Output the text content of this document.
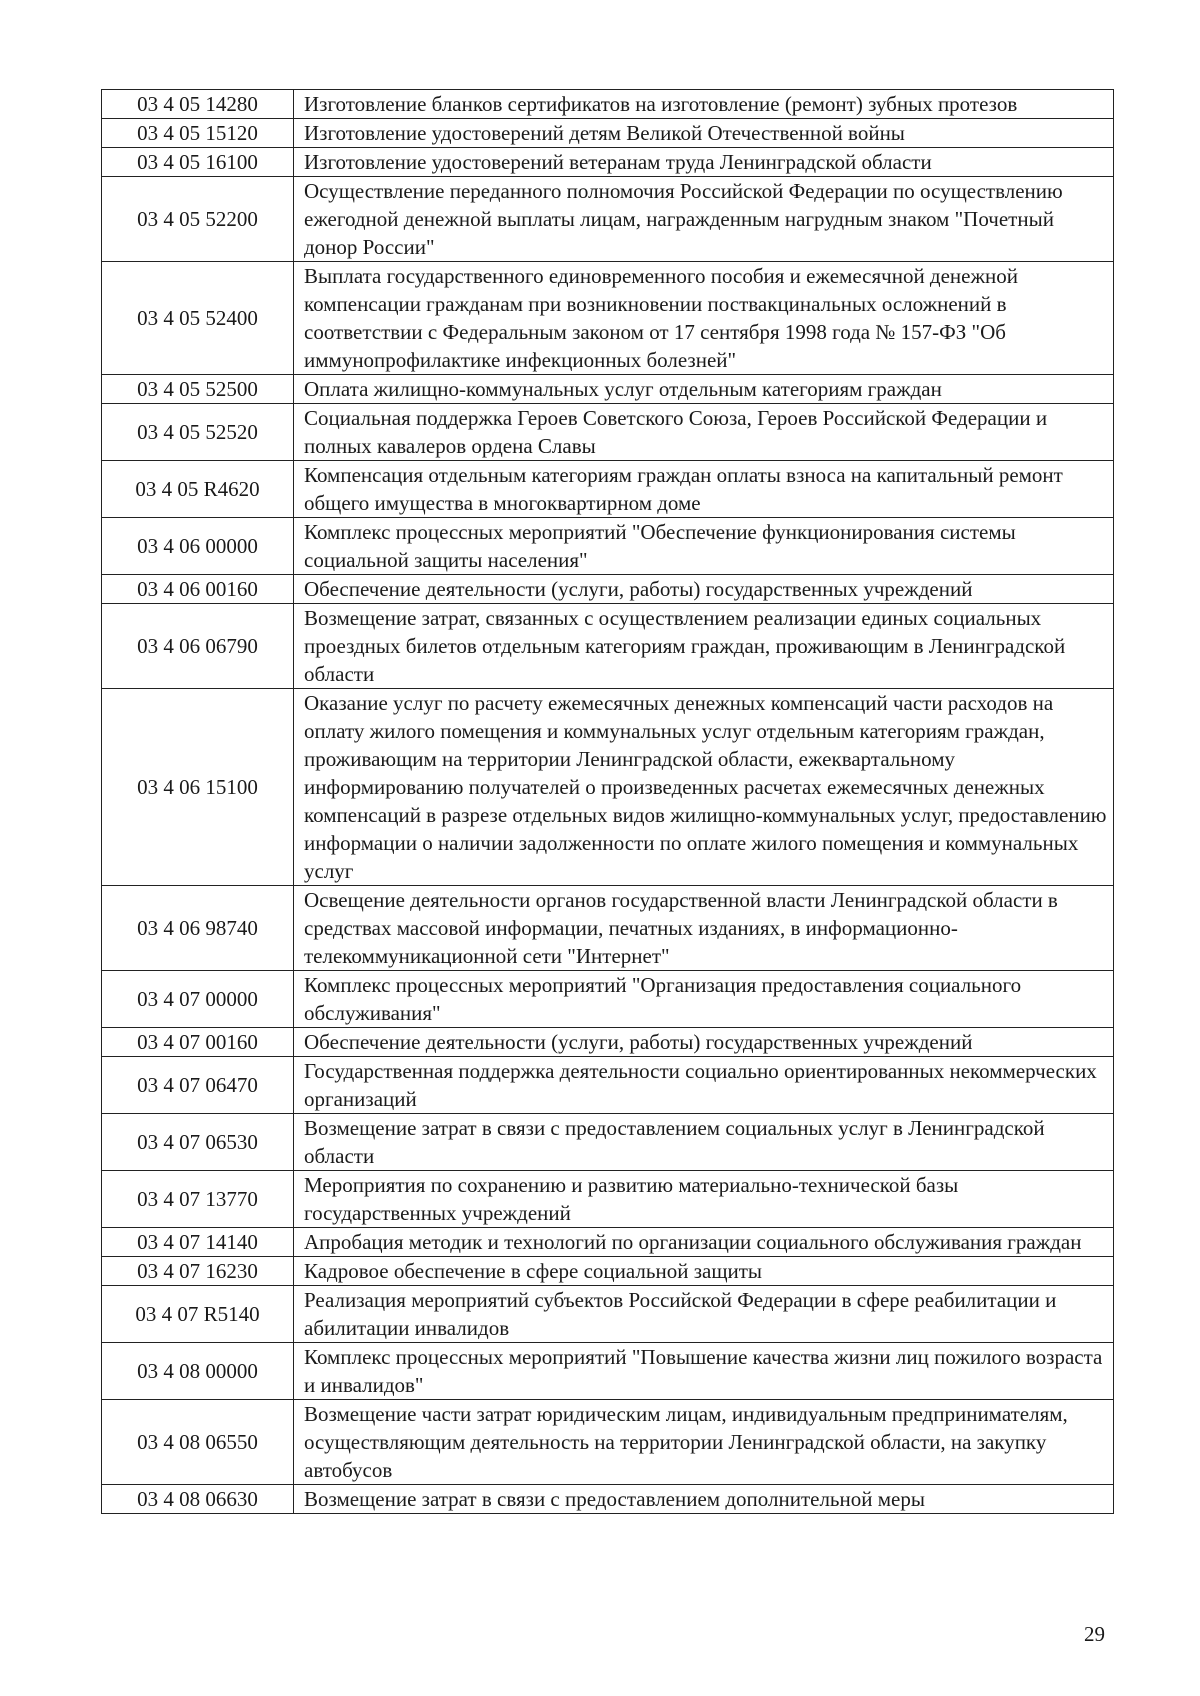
03 4 05 14280	Изготовление бланков сертификатов на изготовление (ремонт) зубных протезов
03 4 05 15120	Изготовление удостоверений детям Великой Отечественной войны
03 4 05 16100	Изготовление удостоверений ветеранам труда Ленинградской области
03 4 05 52200	Осуществление переданного полномочия Российской Федерации по осуществлению ежегодной денежной выплаты лицам, награжденным нагрудным знаком "Почетный донор России"
03 4 05 52400	Выплата государственного единовременного пособия и ежемесячной денежной компенсации гражданам при возникновении поствакцинальных осложнений в соответствии с Федеральным законом от 17 сентября 1998 года № 157-ФЗ "Об иммунопрофилактике инфекционных болезней"
03 4 05 52500	Оплата жилищно-коммунальных услуг отдельным категориям граждан
03 4 05 52520	Социальная поддержка Героев Советского Союза, Героев Российской Федерации и полных кавалеров ордена Славы
03 4 05 R4620	Компенсация отдельным категориям граждан оплаты взноса на капитальный ремонт общего имущества в многоквартирном доме
03 4 06 00000	Комплекс процессных мероприятий "Обеспечение функционирования системы социальной защиты населения"
03 4 06 00160	Обеспечение деятельности (услуги, работы) государственных учреждений
03 4 06 06790	Возмещение затрат, связанных с осуществлением реализации единых социальных проездных билетов отдельным категориям граждан, проживающим в Ленинградской области
03 4 06 15100	Оказание услуг по расчету ежемесячных денежных компенсаций части расходов на оплату жилого помещения и коммунальных услуг отдельным категориям граждан, проживающим на территории Ленинградской области, ежеквартальному информированию получателей о произведенных расчетах ежемесячных денежных компенсаций в разрезе отдельных видов жилищно-коммунальных услуг, предоставлению информации о наличии задолженности по оплате жилого помещения и коммунальных услуг
03 4 06 98740	Освещение деятельности органов государственной власти Ленинградской области в средствах массовой информации, печатных изданиях, в информационно-телекоммуникационной сети "Интернет"
03 4 07 00000	Комплекс процессных мероприятий "Организация предоставления социального обслуживания"
03 4 07 00160	Обеспечение деятельности (услуги, работы) государственных учреждений
03 4 07 06470	Государственная поддержка деятельности социально ориентированных некоммерческих организаций
03 4 07 06530	Возмещение затрат в связи с предоставлением социальных услуг в Ленинградской области
03 4 07 13770	Мероприятия по сохранению и развитию материально-технической базы государственных учреждений
03 4 07 14140	Апробация методик и технологий по организации социального обслуживания граждан
03 4 07 16230	Кадровое обеспечение в сфере социальной защиты
03 4 07 R5140	Реализация мероприятий субъектов Российской Федерации в сфере реабилитации и абилитации инвалидов
03 4 08 00000	Комплекс процессных мероприятий "Повышение качества жизни лиц пожилого возраста и инвалидов"
03 4 08 06550	Возмещение части затрат юридическим лицам, индивидуальным предпринимателям, осуществляющим деятельность на территории Ленинградской области, на закупку автобусов
03 4 08 06630	Возмещение затрат в связи с предоставлением дополнительной меры
29
